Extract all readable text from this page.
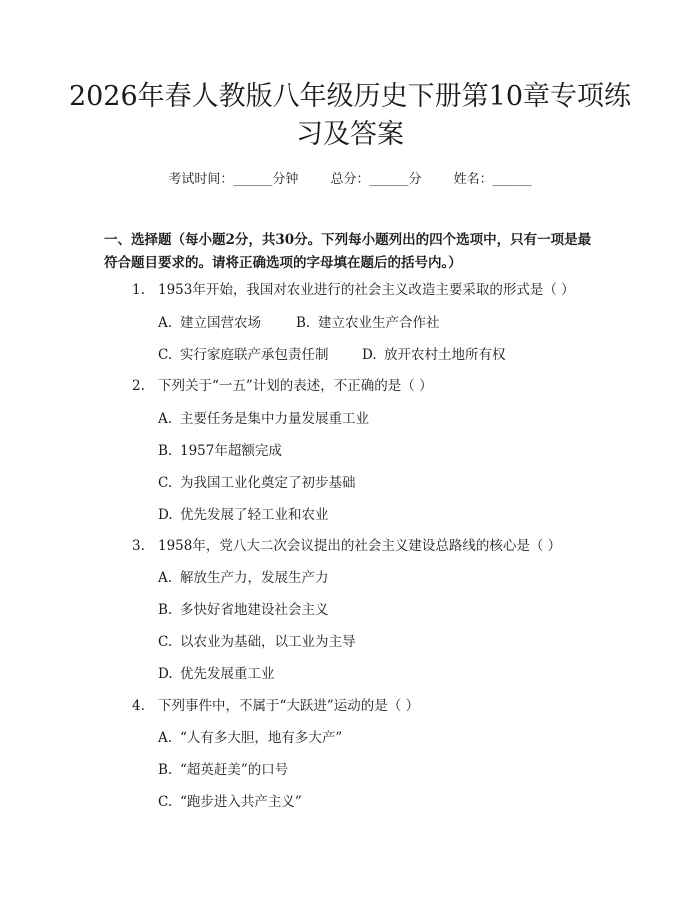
2026年春人教版八年级历史下册第10章专项练习及答案
考试时间：______分钟 总分：______分 姓名：______

一、选择题（每小题2分，共30分。下列每小题列出的四个选项中，只有一项是最符合题目要求的。请将正确选项的字母填在题后的括号内。）

1. 1953年开始，我国对农业进行的社会主义改造主要采取的形式是（ ）
A. 建立国营农场	B. 建立农业生产合作社
C. 实行家庭联产承包责任制 D. 放开农村土地所有权
2. 下列关于“一五”计划的表述，不正确的是（ ）
A. 主要任务是集中力量发展重工业
B. 1957年超额完成
C. 为我国工业化奠定了初步基础
D. 优先发展了轻工业和农业
3. 1958年，党八大二次会议提出的社会主义建设总路线的核心是（ ）
A. 解放生产力，发展生产力
B. 多快好省地建设社会主义
C. 以农业为基础，以工业为主导
D. 优先发展重工业
4. 下列事件中，不属于“大跃进”运动的是（ ）
A. “人有多大胆，地有多大产”
B. “超英赶美”的口号
C. “跑步进入共产主义”
